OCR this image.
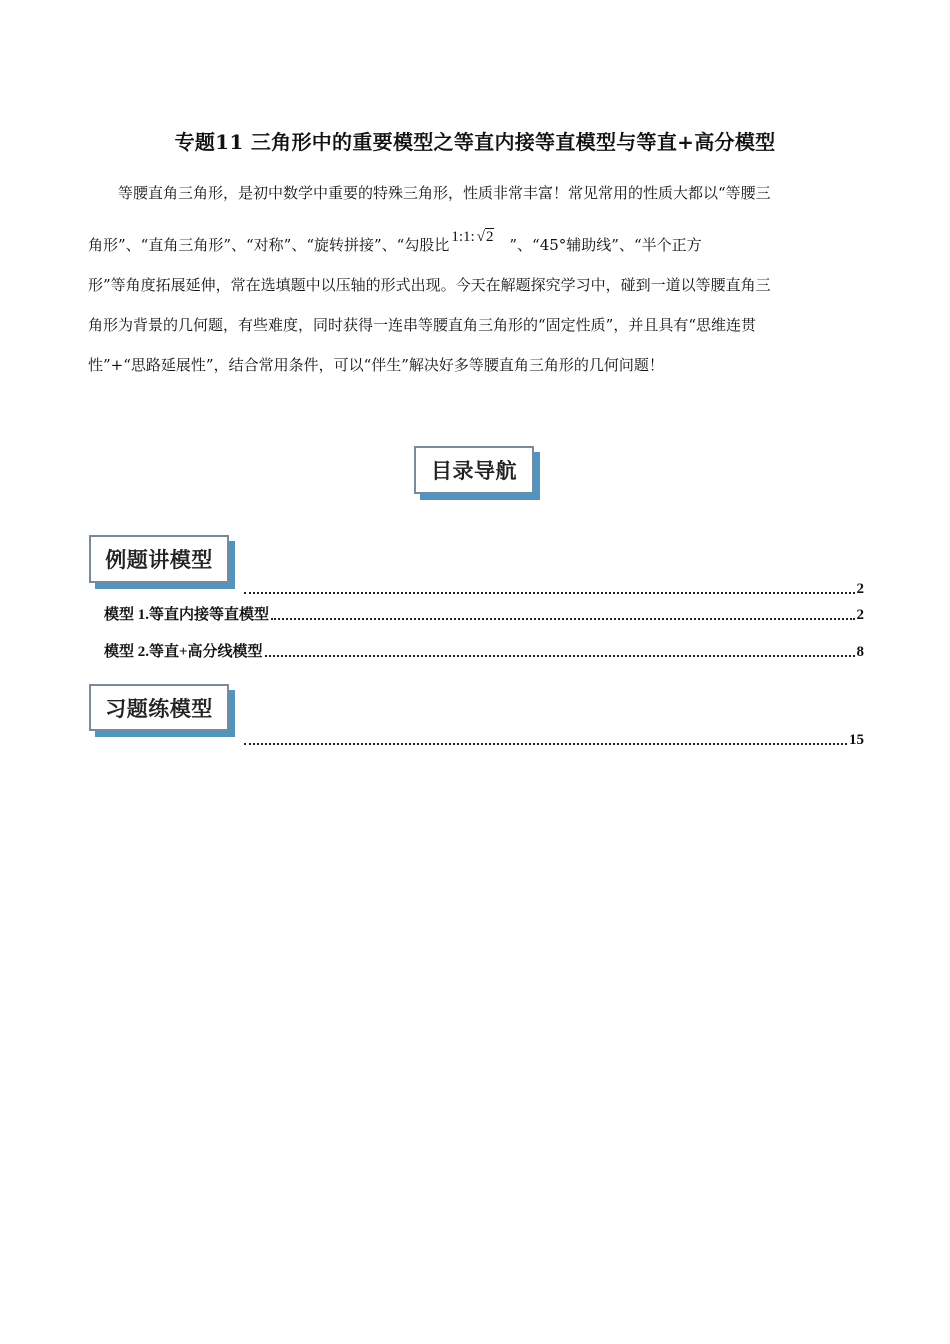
专题11 三角形中的重要模型之等直内接等直模型与等直+高分模型
等腰直角三角形，是初中数学中重要的特殊三角形，性质非常丰富！常见常用的性质大都以“等腰三
角形”、“直角三角形”、“对称”、“旋转拼接”、“勾股比 1:1: √2 ”、“45°辅助线”、“半个正方
形”等角度拓展延伸，常在选填题中以压轴的形式出现。今天在解题探究学习中，碰到一道以等腰直角三
角形为背景的几何题，有些难度，同时获得一连串等腰直角三角形的“固定性质”，并且具有“思维连贯
性”+“思路延展性”，结合常用条件，可以“伴生”解决好多等腰直角三角形的几何问题！
目录导航
例题讲模型
2
模型 1.等直内接等直模型	2
模型 2.等直+高分线模型	8
习题练模型
15
